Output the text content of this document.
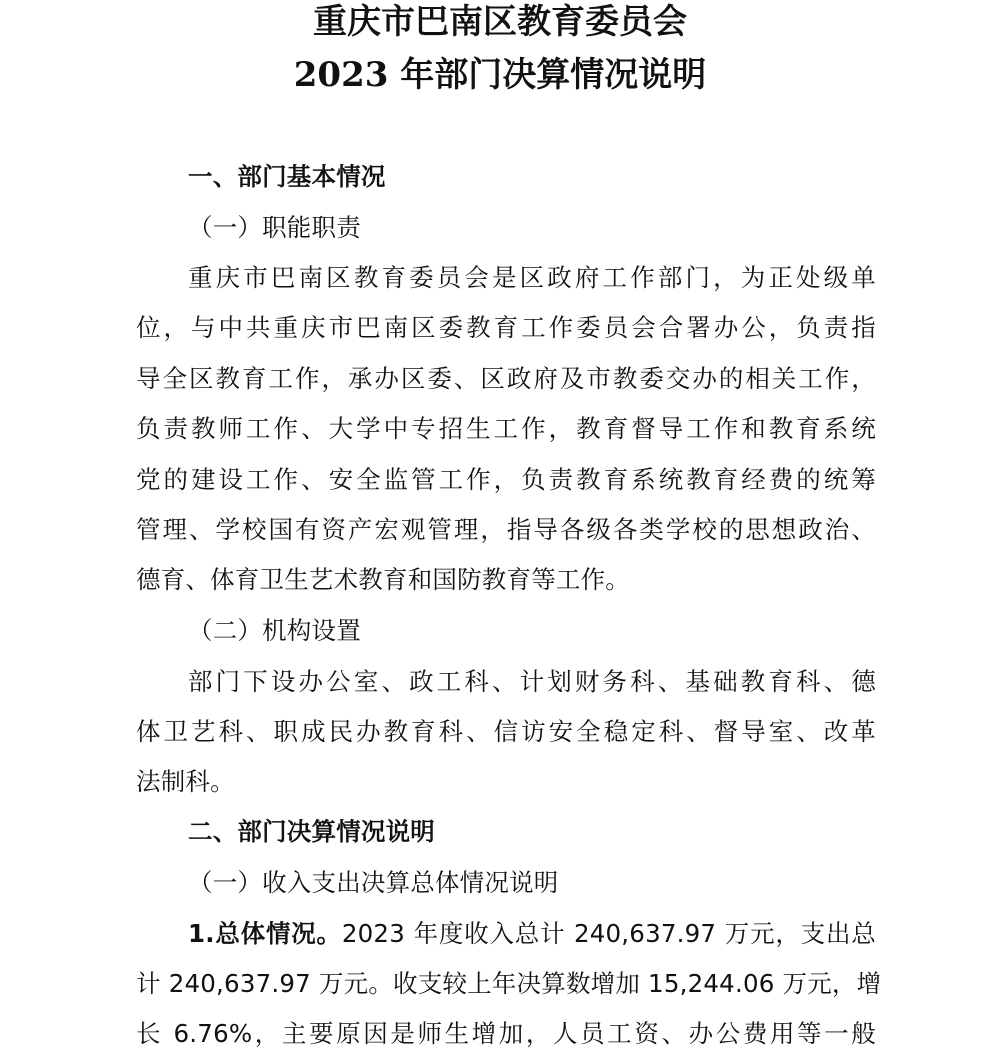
重庆市巴南区教育委员会
2023 年部门决算情况说明
一、部门基本情况
（一）职能职责
重庆市巴南区教育委员会是区政府工作部门，为正处级单
位，与中共重庆市巴南区委教育工作委员会合署办公，负责指
导全区教育工作，承办区委、区政府及市教委交办的相关工作，
负责教师工作、大学中专招生工作，教育督导工作和教育系统
党的建设工作、安全监管工作，负责教育系统教育经费的统筹
管理、学校国有资产宏观管理，指导各级各类学校的思想政治、
德育、体育卫生艺术教育和国防教育等工作。
（二）机构设置
部门下设办公室、政工科、计划财务科、基础教育科、德
体卫艺科、职成民办教育科、信访安全稳定科、督导室、改革
法制科。
二、部门决算情况说明
（一）收入支出决算总体情况说明
1.总体情况。2023 年度收入总计 240,637.97 万元，支出总
计 240,637.97 万元。收支较上年决算数增加 15,244.06 万元，增
长 6.76%，主要原因是师生增加，人员工资、办公费用等一般
